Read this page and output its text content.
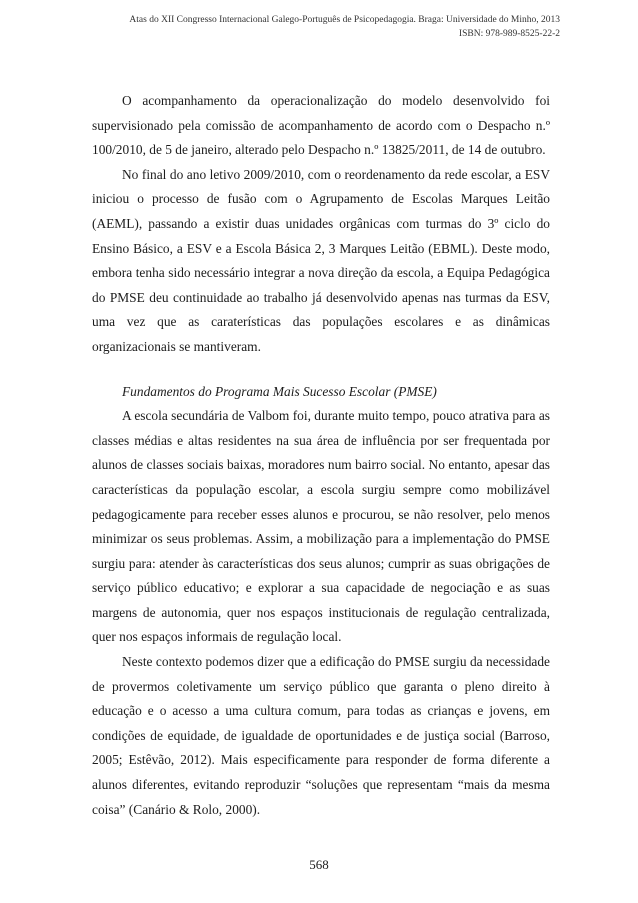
Atas do XII Congresso Internacional Galego-Português de Psicopedagogia. Braga: Universidade do Minho, 2013
ISBN: 978-989-8525-22-2

O acompanhamento da operacionalização do modelo desenvolvido foi supervisionado pela comissão de acompanhamento de acordo com o Despacho n.º 100/2010, de 5 de janeiro, alterado pelo Despacho n.º 13825/2011, de 14 de outubro.

No final do ano letivo 2009/2010, com o reordenamento da rede escolar, a ESV iniciou o processo de fusão com o Agrupamento de Escolas Marques Leitão (AEML), passando a existir duas unidades orgânicas com turmas do 3º ciclo do Ensino Básico, a ESV e a Escola Básica 2, 3 Marques Leitão (EBML). Deste modo, embora tenha sido necessário integrar a nova direção da escola, a Equipa Pedagógica do PMSE deu continuidade ao trabalho já desenvolvido apenas nas turmas da ESV, uma vez que as caraterísticas das populações escolares e as dinâmicas organizacionais se mantiveram.

Fundamentos do Programa Mais Sucesso Escolar (PMSE)

A escola secundária de Valbom foi, durante muito tempo, pouco atrativa para as classes médias e altas residentes na sua área de influência por ser frequentada por alunos de classes sociais baixas, moradores num bairro social. No entanto, apesar das características da população escolar, a escola surgiu sempre como mobilizável pedagogicamente para receber esses alunos e procurou, se não resolver, pelo menos minimizar os seus problemas. Assim, a mobilização para a implementação do PMSE surgiu para: atender às características dos seus alunos; cumprir as suas obrigações de serviço público educativo; e explorar a sua capacidade de negociação e as suas margens de autonomia, quer nos espaços institucionais de regulação centralizada, quer nos espaços informais de regulação local.

Neste contexto podemos dizer que a edificação do PMSE surgiu da necessidade de provermos coletivamente um serviço público que garanta o pleno direito à educação e o acesso a uma cultura comum, para todas as crianças e jovens, em condições de equidade, de igualdade de oportunidades e de justiça social (Barroso, 2005; Estêvão, 2012). Mais especificamente para responder de forma diferente a alunos diferentes, evitando reproduzir “soluções que representam “mais da mesma coisa” (Canário & Rolo, 2000).

568
